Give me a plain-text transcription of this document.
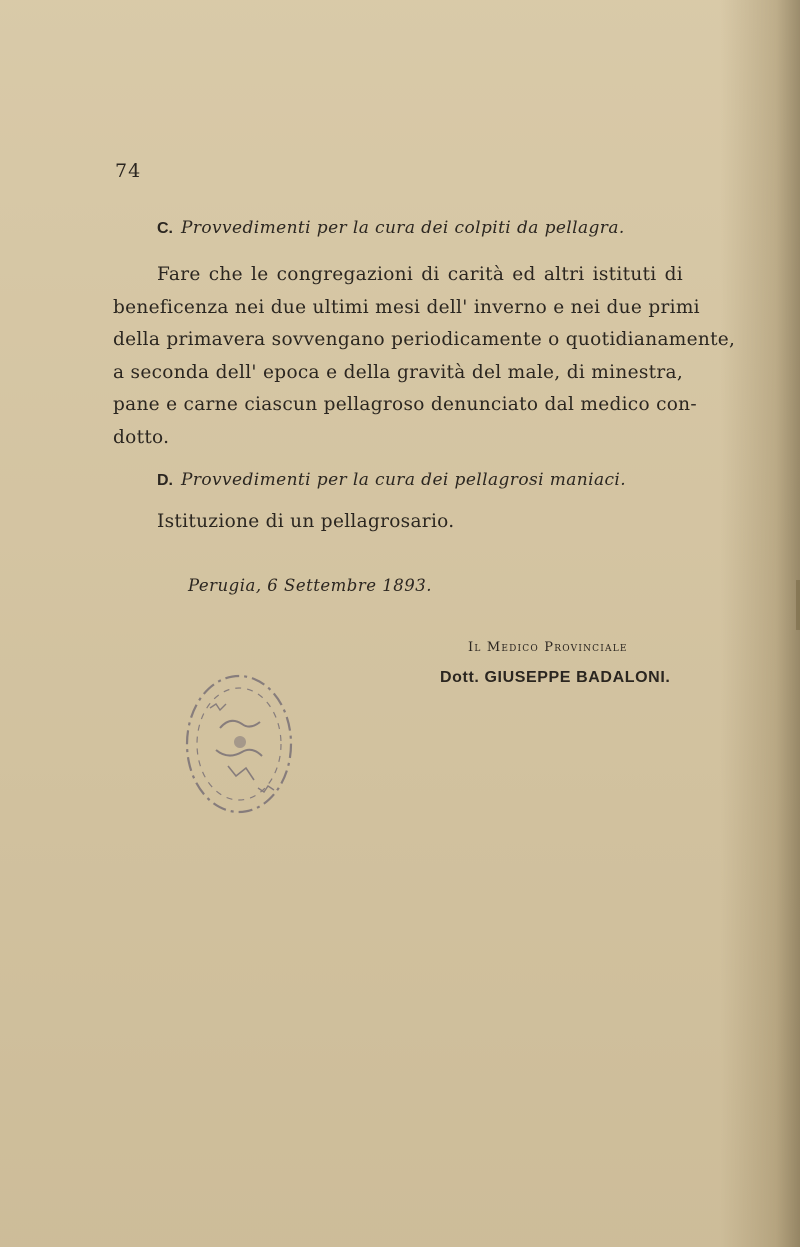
74
C. Provvedimenti per la cura dei colpiti da pellagra.
Fare che le congregazioni di carità ed altri istituti di
beneficenza nei due ultimi mesi dell' inverno e nei due primi
della primavera sovvengano periodicamente o quotidianamente,
a seconda dell' epoca e della gravità del male, di minestra,
pane e carne ciascun pellagroso denunciato dal medico con-
dotto.
D. Provvedimenti per la cura dei pellagrosi maniaci.
Istituzione di un pellagrosario.
Perugia, 6 Settembre 1893.
Il Medico Provinciale
Dott. GIUSEPPE BADALONI.
